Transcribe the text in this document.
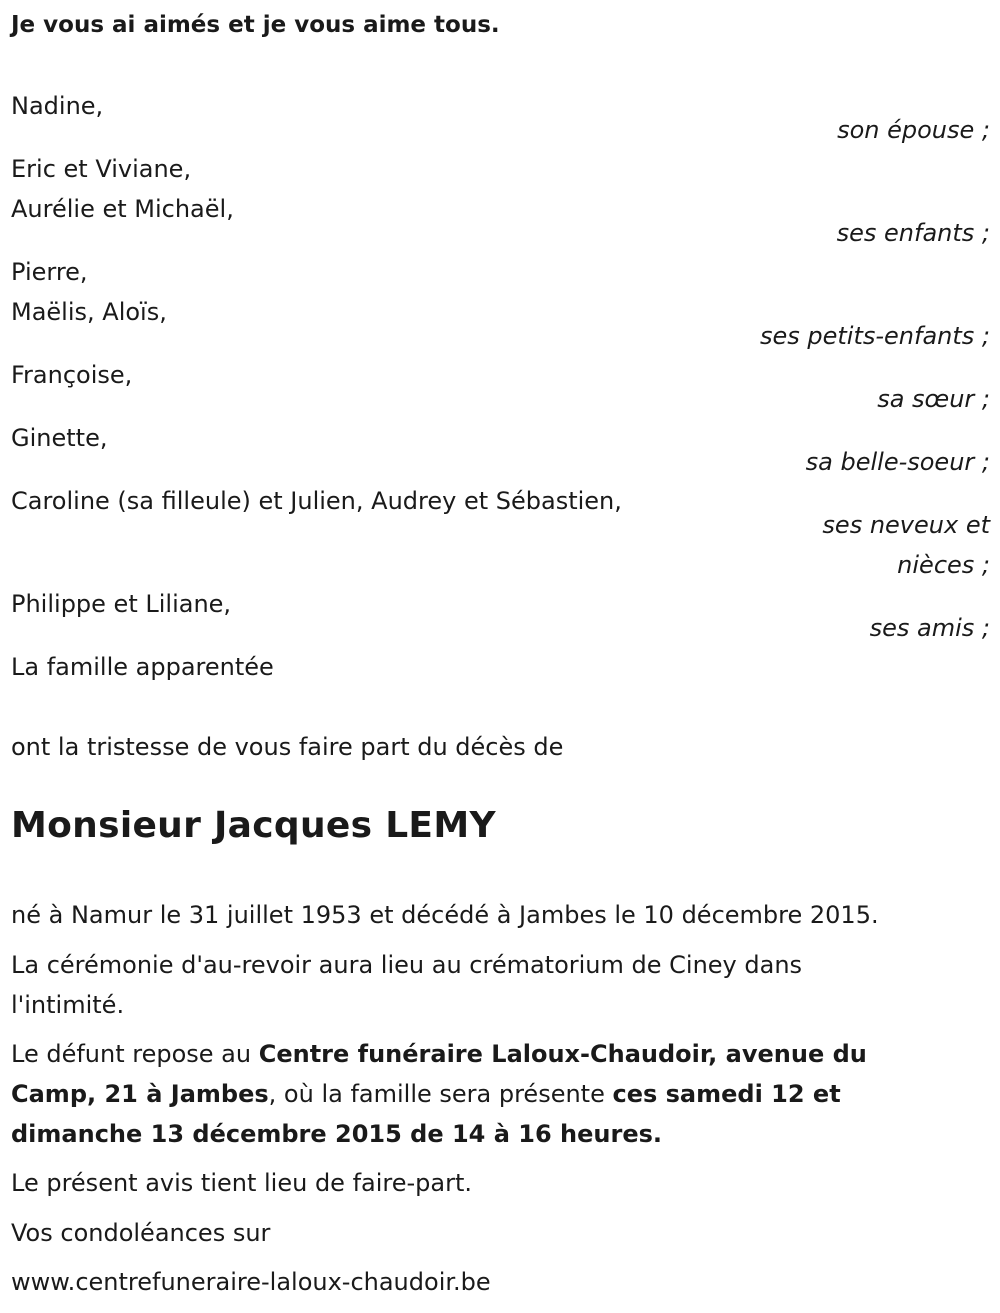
Je vous ai aimés et je vous aime tous.
Nadine,
son épouse ;
Eric et Viviane,
Aurélie et Michaël,
ses enfants ;
Pierre,
Maëlis, Aloïs,
ses petits-enfants ;
Françoise,
sa sœur ;
Ginette,
sa belle-soeur ;
Caroline (sa filleule) et Julien, Audrey et Sébastien,
ses neveux et
nièces ;
Philippe et Liliane,
ses amis ;
La famille apparentée
ont la tristesse de vous faire part du décès de
Monsieur Jacques LEMY
né à Namur le 31 juillet 1953 et décédé à Jambes le 10 décembre 2015.
La cérémonie d'au-revoir aura lieu au crématorium de Ciney dans
l'intimité.
Le défunt repose au Centre funéraire Laloux-Chaudoir, avenue du
Camp, 21 à Jambes, où la famille sera présente ces samedi 12 et
dimanche 13 décembre 2015 de 14 à 16 heures.
Le présent avis tient lieu de faire-part.
Vos condoléances sur
www.centrefuneraire-laloux-chaudoir.be
